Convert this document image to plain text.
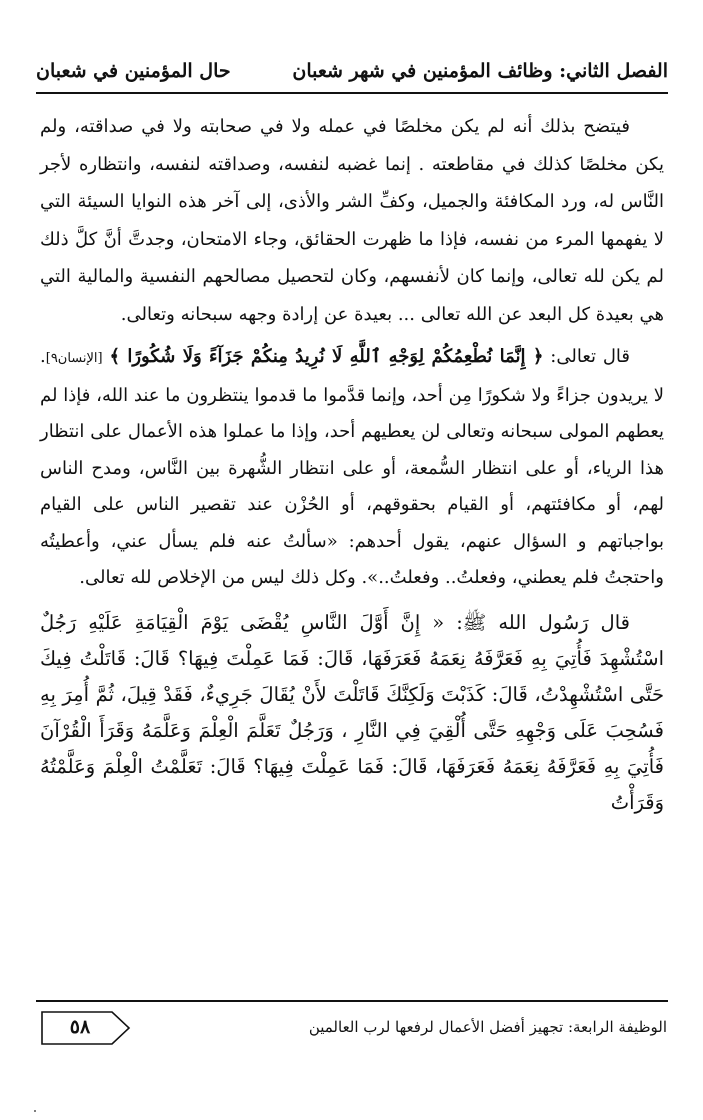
الفصل الثاني: وظائف المؤمنين في شهر شعبان
حال المؤمنين في شعبان

فيتضح بذلك أنه لم يكن مخلصًا في عمله ولا في صحابته ولا في صداقته، ولم يكن مخلصًا كذلك في مقاطعته . إنما غضبه لنفسه، وصداقته لنفسه، وانتظاره لأجر النَّاس له، ورد المكافئة والجميل، وكفِّ الشر والأذى، إلى آخر هذه النوايا السيئة التي لا يفهمها المرء من نفسه، فإذا ما ظهرت الحقائق، وجاء الامتحان، وجدتَّ أنَّ كلَّ ذلك لم يكن لله تعالى، وإنما كان لأنفسهم، وكان لتحصيل مصالحهم النفسية والمالية التي هي بعيدة كل البعد عن الله تعالى ... بعيدة عن إرادة وجهه سبحانه وتعالى.

قال تعالى: ﴿ إِنَّمَا نُطْعِمُكُمْ لِوَجْهِ ٱللَّهِ لَا نُرِيدُ مِنكُمْ جَزَآءً وَلَا شُكُورًا ﴾ [الإنسان٩]. لا يريدون جزاءً ولا شكورًا مِن أحد، وإنما قدَّموا ما قدموا ينتظرون ما عند الله، فإذا لم يعطهم المولى سبحانه وتعالى لن يعطيهم أحد، وإذا ما عملوا هذه الأعمال على انتظار هذا الرياء، أو على انتظار السُّمعة، أو على انتظار الشُّهرة بين النَّاس، ومدح الناس لهم، أو مكافئتهم، أو القيام بحقوقهم، أو الحُزْن عند تقصير الناس على القيام بواجباتهم و السؤال عنهم، يقول أحدهم: «سألتُ عنه فلم يسأل عني، وأعطيتُه واحتجتُ فلم يعطني، وفعلتُ.. وفعلتُ..». وكل ذلك ليس من الإخلاص لله تعالى.

قال رَسُول الله ﷺ: « إِنَّ أَوَّلَ النَّاسِ يُقْضَى يَوْمَ الْقِيَامَةِ عَلَيْهِ رَجُلٌ اسْتُشْهِدَ فَأُتِيَ بِهِ فَعَرَّفَهُ نِعَمَهُ فَعَرَفَهَا، قَالَ: فَمَا عَمِلْتَ فِيهَا؟ قَالَ: قَاتَلْتُ فِيكَ حَتَّى اسْتُشْهِدْتُ، قَالَ: كَذَبْتَ وَلَكِنَّكَ قَاتَلْتَ لأَنْ يُقَالَ جَرِيءٌ، فَقَدْ قِيلَ، ثُمَّ أُمِرَ بِهِ فَسُحِبَ عَلَى وَجْهِهِ حَتَّى أُلْقِيَ فِي النَّارِ ، وَرَجُلٌ تَعَلَّمَ الْعِلْمَ وَعَلَّمَهُ وَقَرَأَ الْقُرْآنَ فَأُتِيَ بِهِ فَعَرَّفَهُ نِعَمَهُ فَعَرَفَهَا، قَالَ: فَمَا عَمِلْتَ فِيهَا؟ قَالَ: تَعَلَّمْتُ الْعِلْمَ وَعَلَّمْتُهُ وَقَرَأْتُ

الوظيفة الرابعة: تجهيز أفضل الأعمال لرفعها لرب العالمين
٥٨
